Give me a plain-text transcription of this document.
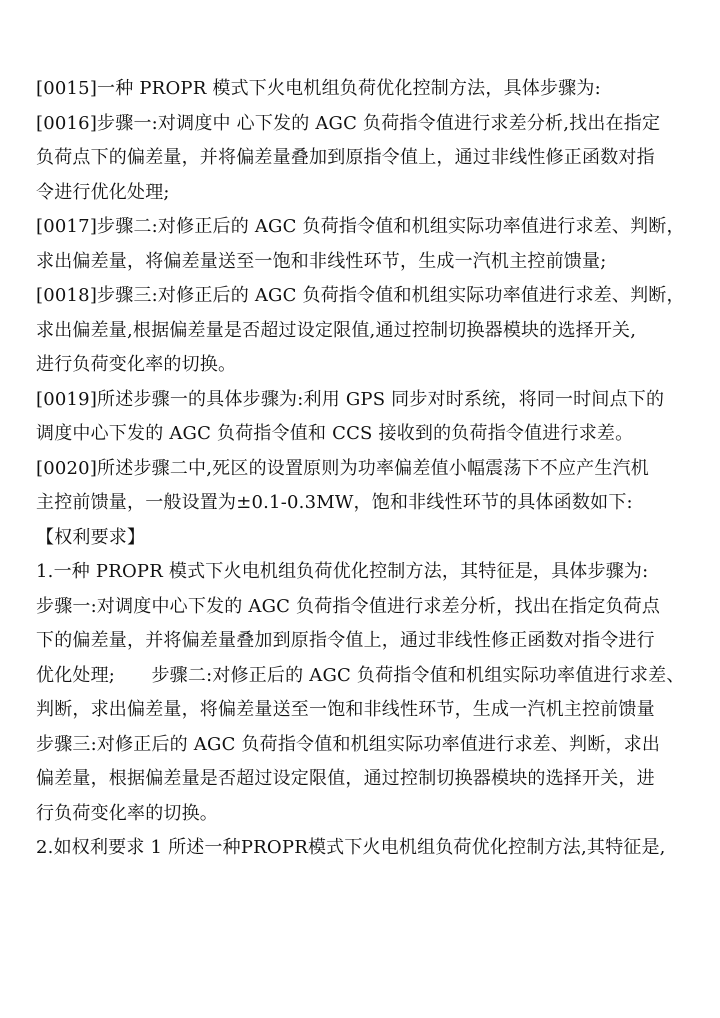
[0015]一种 PROPR 模式下火电机组负荷优化控制方法，具体步骤为:
[0016]步骤一:对调度中 心下发的 AGC 负荷指令值进行求差分析,找出在指定
负荷点下的偏差量，并将偏差量叠加到原指令值上，通过非线性修正函数对指
令进行优化处理;
[0017]步骤二:对修正后的 AGC 负荷指令值和机组实际功率值进行求差、判断，
求出偏差量，将偏差量送至一饱和非线性环节，生成一汽机主控前馈量;
[0018]步骤三:对修正后的 AGC 负荷指令值和机组实际功率值进行求差、判断，
求出偏差量,根据偏差量是否超过设定限值,通过控制切换器模块的选择开关,
进行负荷变化率的切换。
[0019]所述步骤一的具体步骤为:利用 GPS 同步对时系统，将同一时间点下的
调度中心下发的 AGC 负荷指令值和 CCS 接收到的负荷指令值进行求差。
[0020]所述步骤二中,死区的设置原则为功率偏差值小幅震荡下不应产生汽机
主控前馈量，一般设置为±0.1-0.3MW，饱和非线性环节的具体函数如下:
【权利要求】
1.一种 PROPR 模式下火电机组负荷优化控制方法，其特征是，具体步骤为:
步骤一:对调度中心下发的 AGC 负荷指令值进行求差分析，找出在指定负荷点
下的偏差量，并将偏差量叠加到原指令值上，通过非线性修正函数对指令进行
优化处理;　　步骤二:对修正后的 AGC 负荷指令值和机组实际功率值进行求差、
判断，求出偏差量，将偏差量送至一饱和非线性环节，生成一汽机主控前馈量
步骤三:对修正后的 AGC 负荷指令值和机组实际功率值进行求差、判断，求出
偏差量，根据偏差量是否超过设定限值，通过控制切换器模块的选择开关，进
行负荷变化率的切换。
2.如权利要求 1 所述一种PROPR模式下火电机组负荷优化控制方法,其特征是,
